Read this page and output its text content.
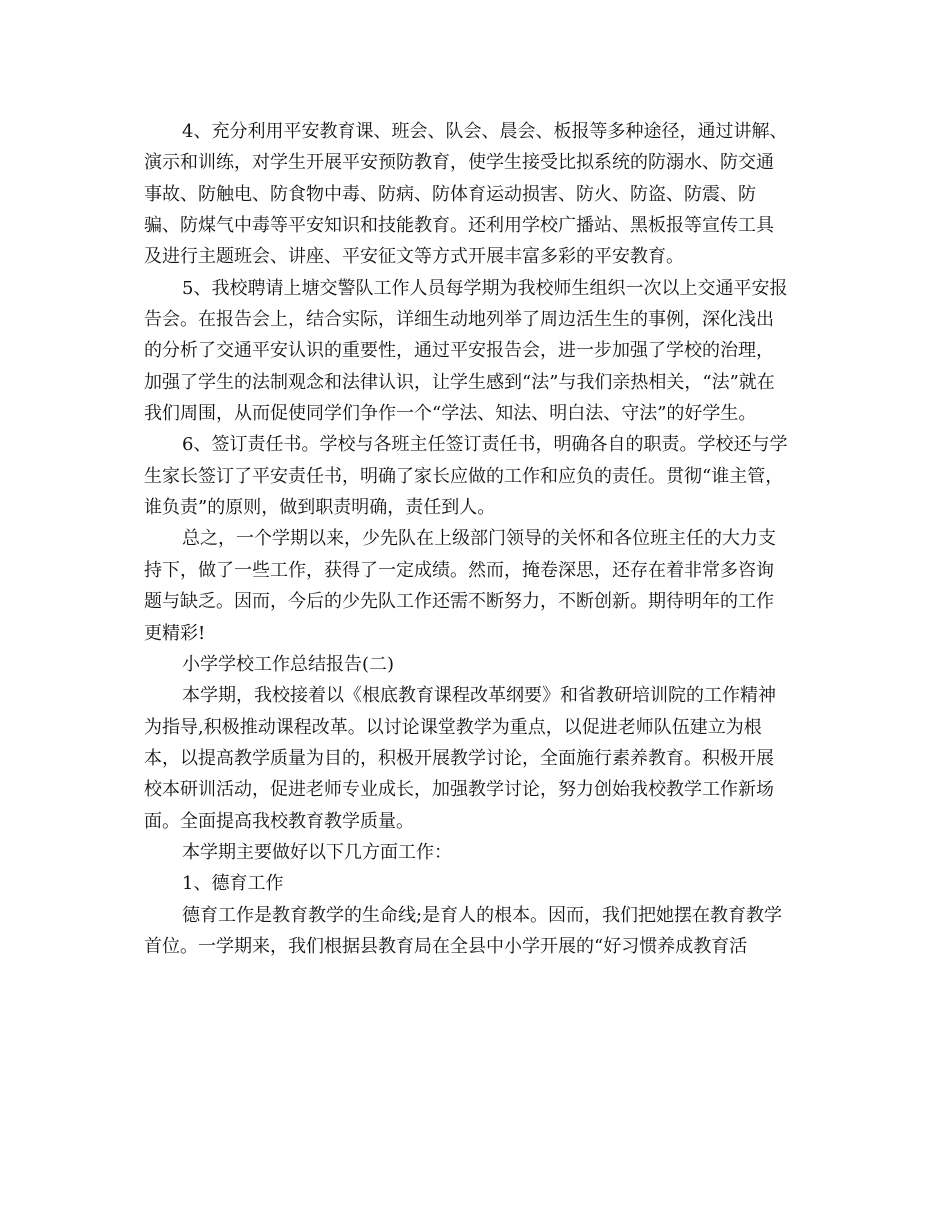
4、充分利用平安教育课、班会、队会、晨会、板报等多种途径，通过讲解、
演示和训练，对学生开展平安预防教育，使学生接受比拟系统的防溺水、防交通
事故、防触电、防食物中毒、防病、防体育运动损害、防火、防盗、防震、防
骗、防煤气中毒等平安知识和技能教育。还利用学校广播站、黑板报等宣传工具
及进行主题班会、讲座、平安征文等方式开展丰富多彩的平安教育。
5、我校聘请上塘交警队工作人员每学期为我校师生组织一次以上交通平安报
告会。在报告会上，结合实际，详细生动地列举了周边活生生的事例，深化浅出
的分析了交通平安认识的重要性，通过平安报告会，进一步加强了学校的治理，
加强了学生的法制观念和法律认识，让学生感到“法”与我们亲热相关，“法”就在
我们周围，从而促使同学们争作一个“学法、知法、明白法、守法”的好学生。
6、签订责任书。学校与各班主任签订责任书，明确各自的职责。学校还与学
生家长签订了平安责任书，明确了家长应做的工作和应负的责任。贯彻“谁主管，
谁负责”的原则，做到职责明确，责任到人。
总之，一个学期以来，少先队在上级部门领导的关怀和各位班主任的大力支
持下，做了一些工作，获得了一定成绩。然而，掩卷深思，还存在着非常多咨询
题与缺乏。因而，今后的少先队工作还需不断努力，不断创新。期待明年的工作
更精彩!
小学学校工作总结报告(二)
本学期，我校接着以《根底教育课程改革纲要》和省教研培训院的工作精神
为指导,积极推动课程改革。以讨论课堂教学为重点，以促进老师队伍建立为根
本，以提高教学质量为目的，积极开展教学讨论，全面施行素养教育。积极开展
校本研训活动，促进老师专业成长，加强教学讨论，努力创始我校教学工作新场
面。全面提高我校教育教学质量。
本学期主要做好以下几方面工作：
1、德育工作
德育工作是教育教学的生命线;是育人的根本。因而，我们把她摆在教育教学
首位。一学期来，我们根据县教育局在全县中小学开展的“好习惯养成教育活
